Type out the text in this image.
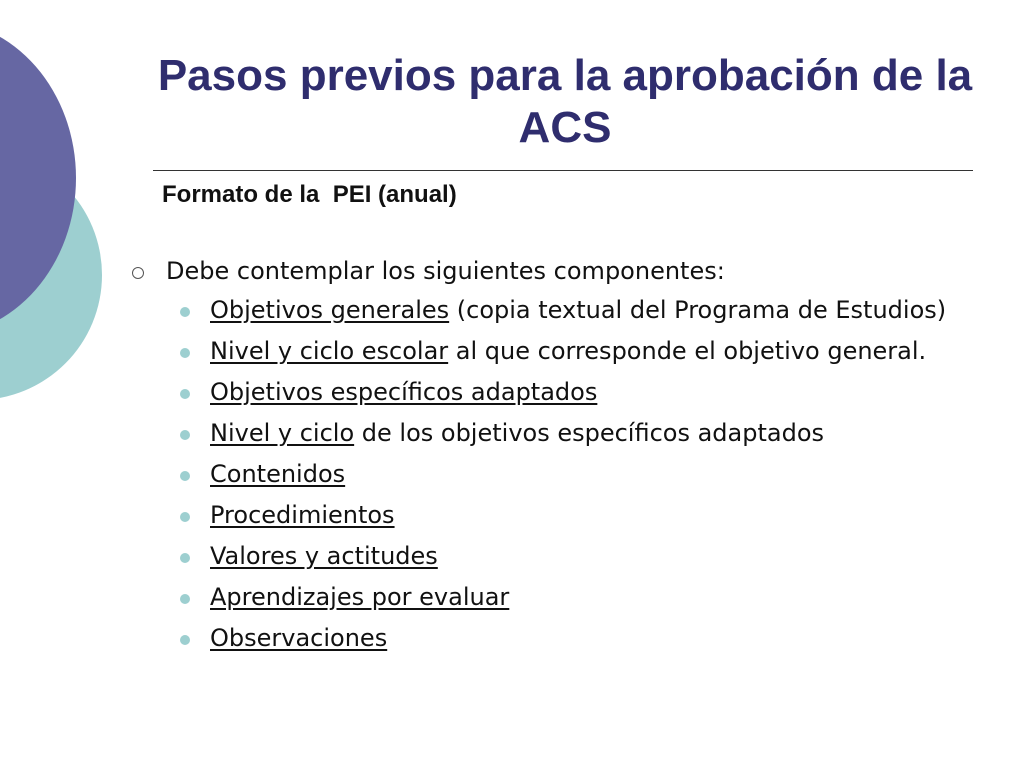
Pasos previos para la aprobación de la ACS
Formato de la  PEI (anual)
Debe contemplar los siguientes componentes:
Objetivos generales (copia textual del Programa de Estudios)
Nivel y ciclo escolar al que corresponde el objetivo general.
Objetivos específicos adaptados
Nivel y ciclo de los objetivos específicos adaptados
Contenidos
Procedimientos
Valores y actitudes
Aprendizajes por evaluar
Observaciones
